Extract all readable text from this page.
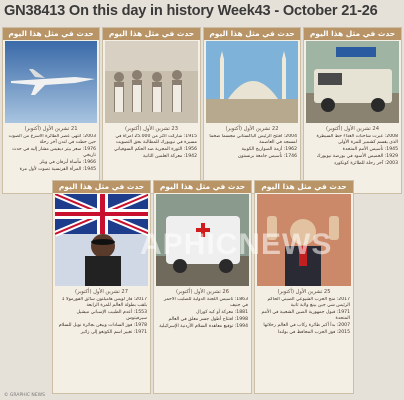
GN38413 On this day in history Week43 - October 21-26
حدث في مثل هذا اليوم
21 تشرين الأول (أكتوبر)

2003: انتهى عصر الطائرة الأسرع من الصوت حين حطت في لندن آخر رحلة

1976: سعر بيتر ديفيس مشار إليه في حدث تاريخي

1966: مأساة أبرفان في ويلز

1945: المرأة الفرنسية تصوت لأول مرة

حدث في مثل هذا اليوم
23 تشرين الأول (أكتوبر)

1915: شاركت أكثر من 25.000 امرأة في مسيرة في نيويورك للمطالبة بحق التصويت

1956: الثورة المجرية ضد الحكم السوفياتي

1942: معركة العلمين الثانية

حدث في مثل هذا اليوم
22 تشرين الأول (أكتوبر)

2004: افتتح الرئيس الباكستاني مجسماً ضخماً لمسجد في العاصمة

1962: أزمة الصواريخ الكوبية

1746: تأسيس جامعة برنستون

حدث في مثل هذا اليوم
24 تشرين الأول (أكتوبر)

2008: عبرت شاحنات الغذاء خط السيطرة الذي يقسم كشمير للمرة الأولى

1945: تأسيس الأمم المتحدة

1929: الخميس الأسود في بورصة نيويورك

2003: آخر رحلة للطائرة كونكورد

حدث في مثل هذا اليوم
27 تشرين الأول (أكتوبر)

2017: فاز لويس هاميلتون سائق الفورمولا 1 بلقب بطولة العالم للمرة الرابعة

1553: أعدم الطبيب الإسباني ميشيل سيرفيتوس

1978: فوز السادات وبيغن بجائزة نوبل للسلام

1971: تغيير اسم الكونغو إلى زائير

حدث في مثل هذا اليوم
26 تشرين الأول (أكتوبر)

1863: تأسيس اللجنة الدولية للصليب الأحمر في جنيف

1881: معركة أو كيه كورال

1998: افتتاح أطول جسر معلق في العالم

1994: توقيع معاهدة السلام الأردنية الإسرائيلية

حدث في مثل هذا اليوم
25 تشرين الأول (أكتوبر)

2017: منح الحزب الشيوعي الصيني الحاكم الرئيس شي جين بينغ ولاية ثانية

1971: قبول جمهورية الصين الشعبية في الأمم المتحدة

2007: بدأ أكبر طائرة ركاب في العالم رحلاتها

2015: فوز الحزب المحافظ في بولندا

APHICNEWS
© GRAPHIC NEWS
